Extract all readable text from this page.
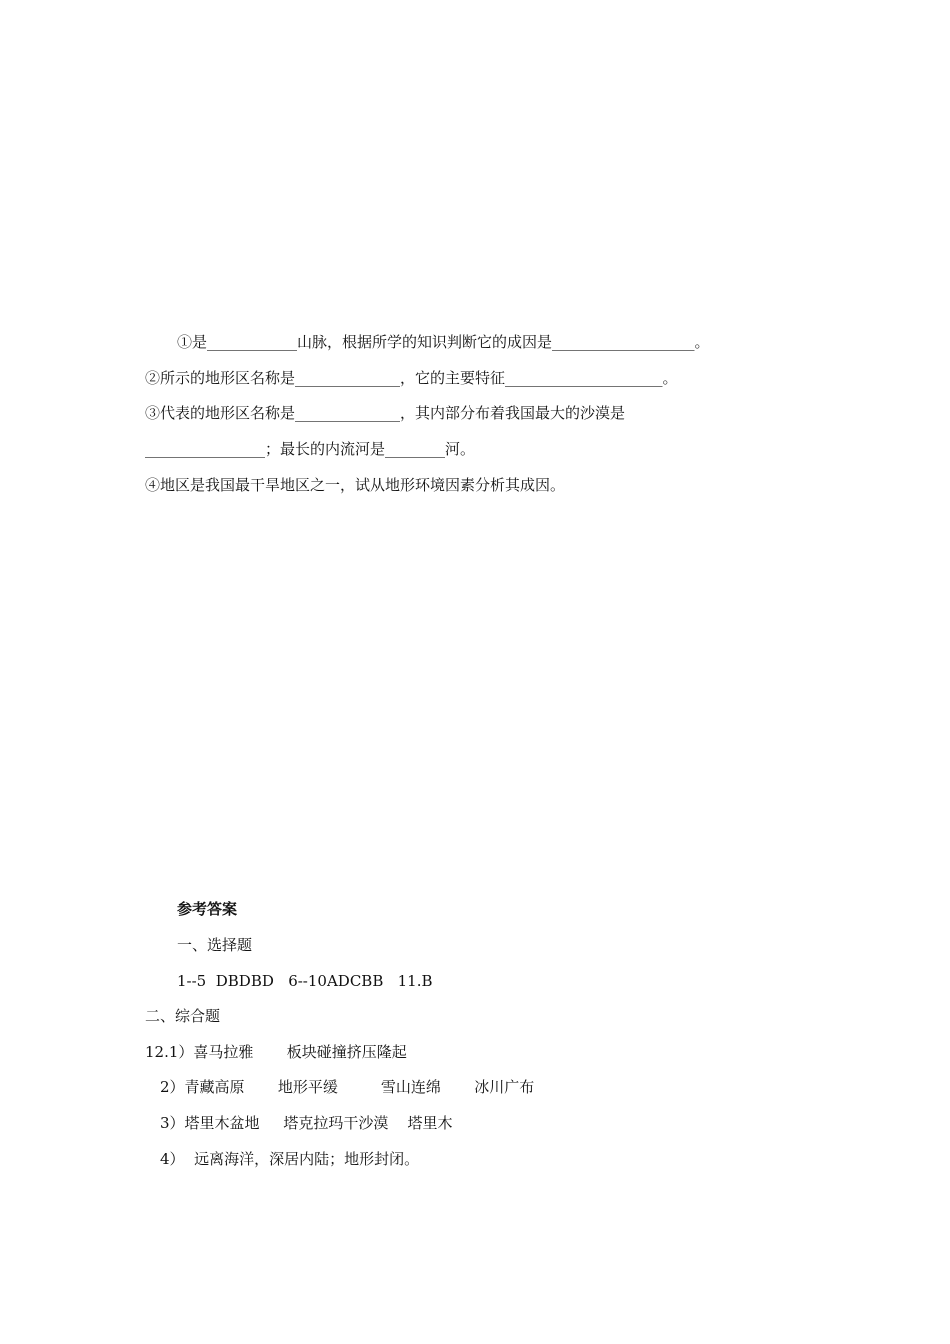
①是____________山脉，根据所学的知识判断它的成因是___________________。
②所示的地形区名称是______________，它的主要特征_____________________。
③代表的地形区名称是______________，其内部分布着我国最大的沙漠是
________________；最长的内流河是________河。
④地区是我国最干旱地区之一，试从地形环境因素分析其成因。
参考答案
一、选择题
1--5  DBDBD   6--10ADCBB   11.B
二、综合题
12.1）喜马拉雅       板块碰撞挤压隆起
2）青藏高原       地形平缓         雪山连绵       冰川广布
3）塔里木盆地     塔克拉玛干沙漠    塔里木
4）  远离海洋，深居内陆；地形封闭。
